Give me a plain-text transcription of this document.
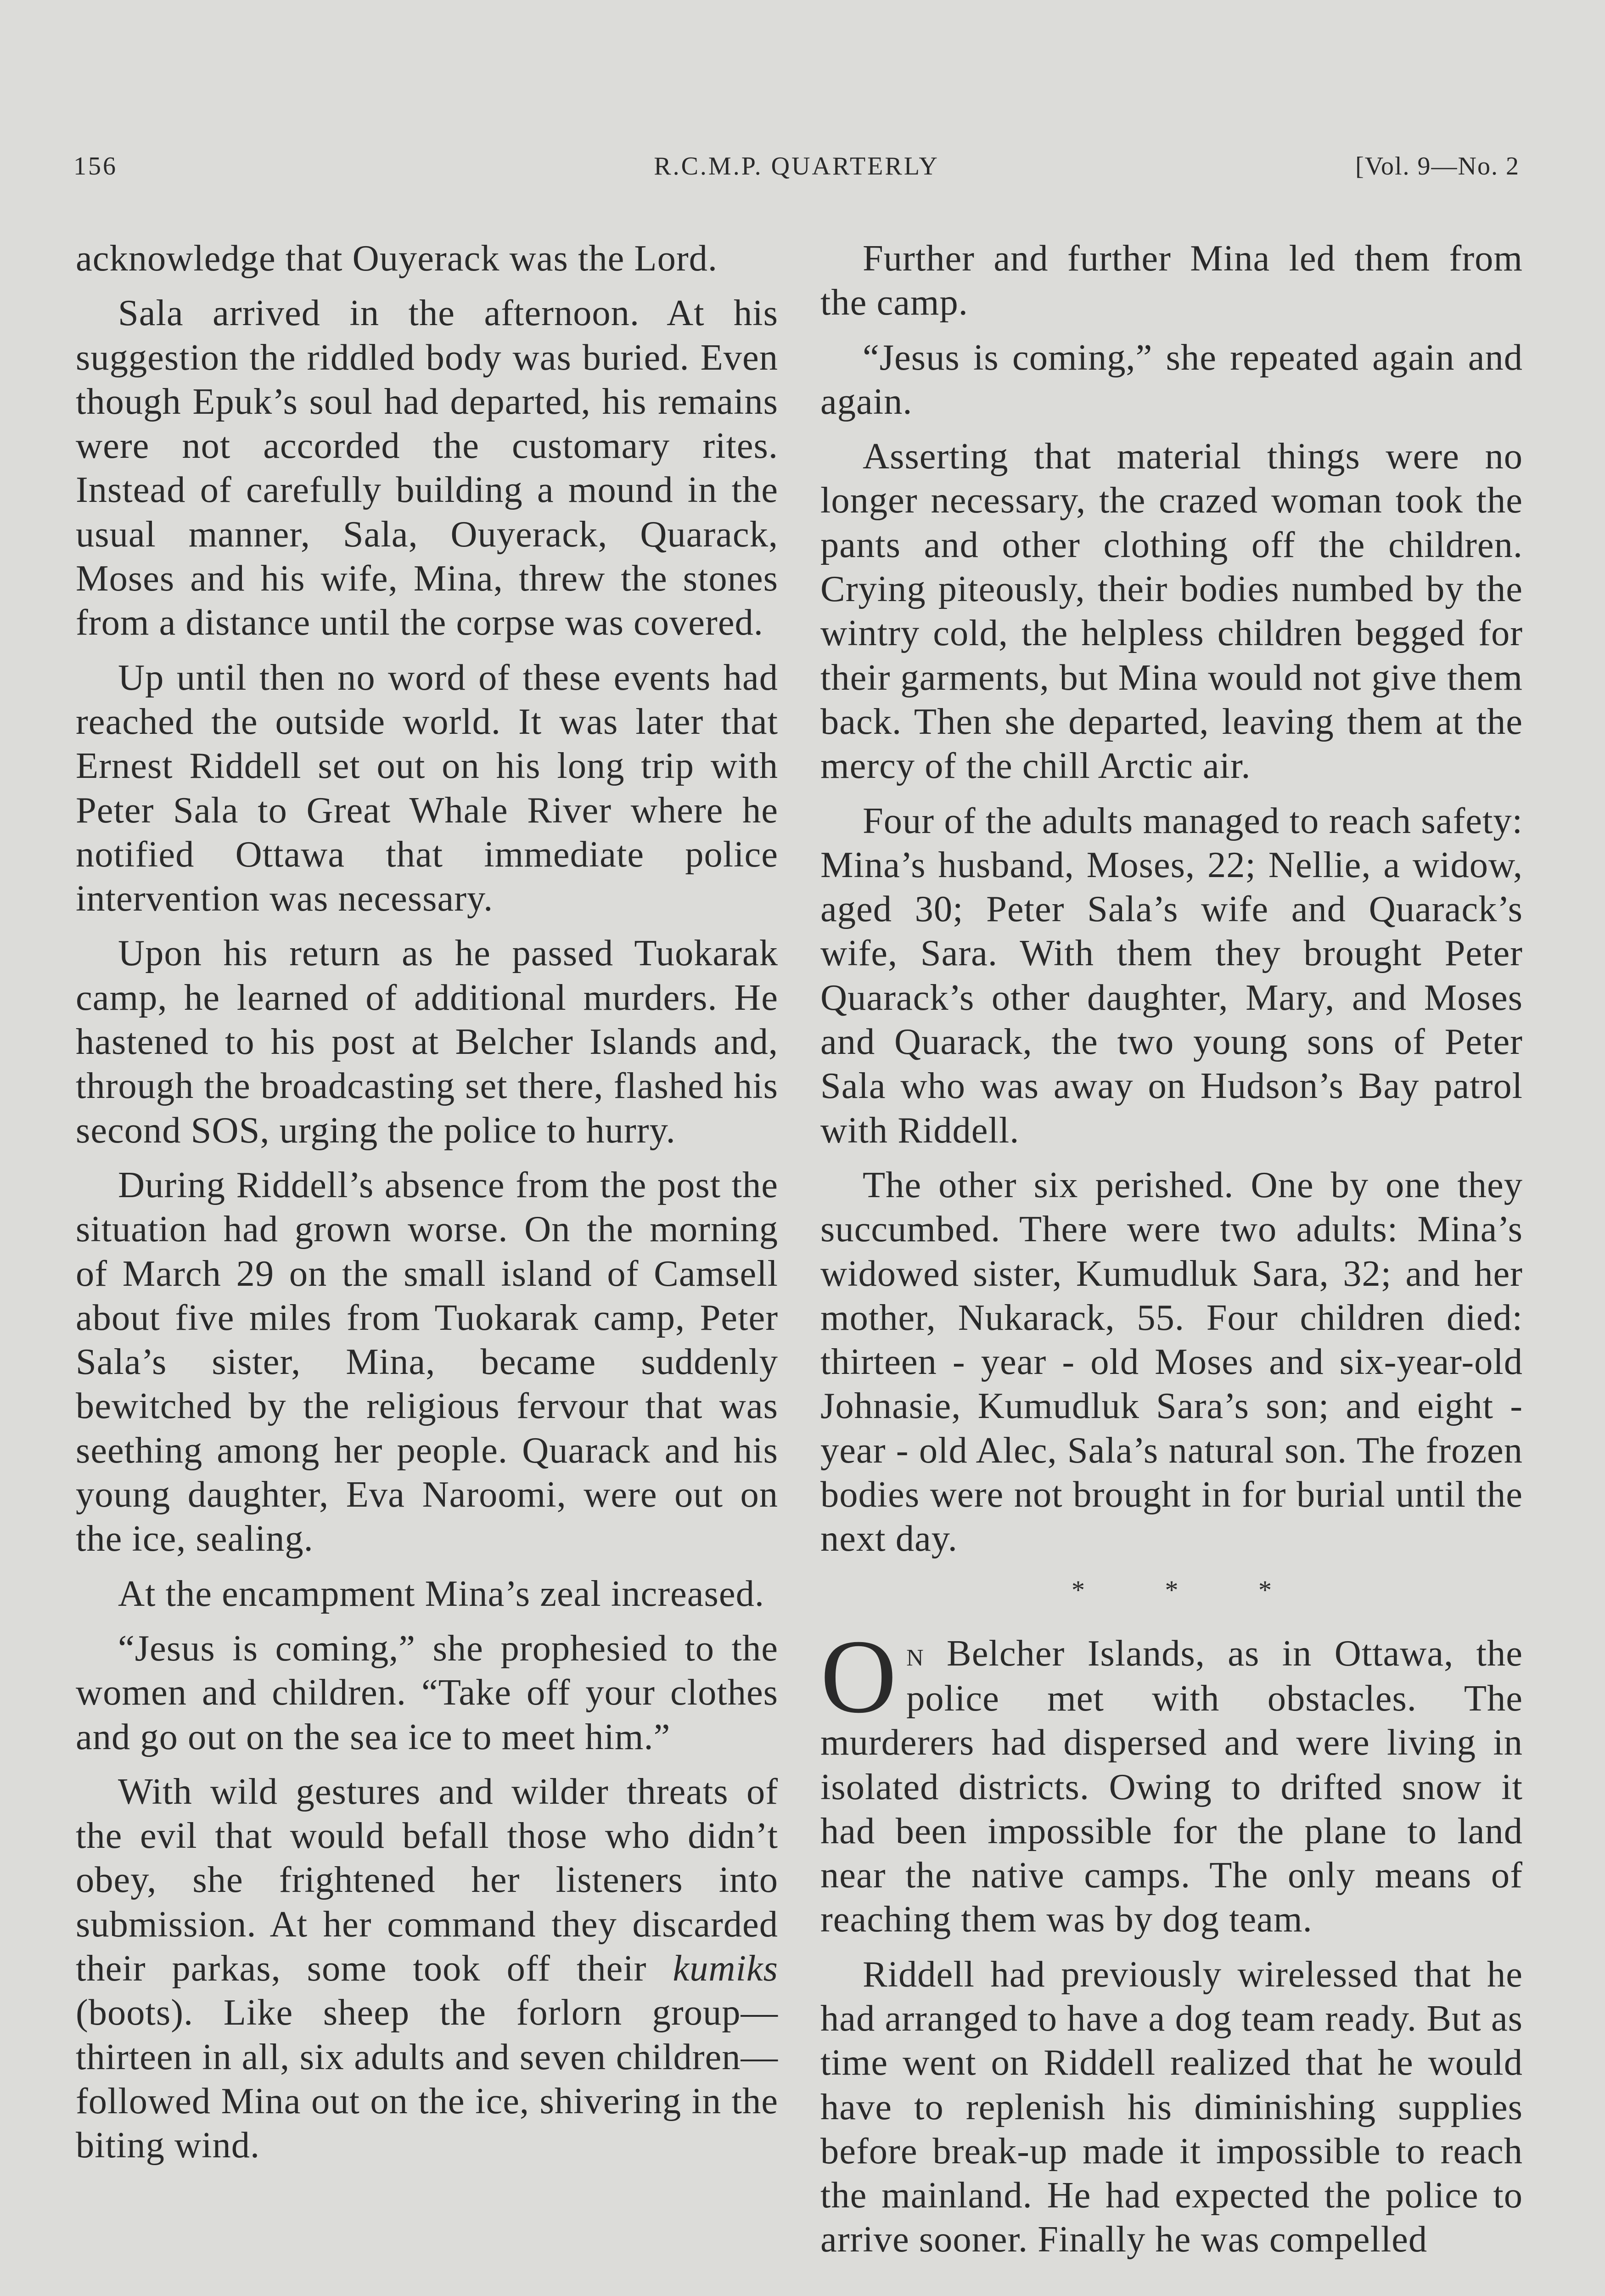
156	R.C.M.P. QUARTERLY	[Vol. 9—No. 2

acknowledge that Ouyerack was the Lord.

Sala arrived in the afternoon. At his suggestion the riddled body was buried. Even though Epuk’s soul had departed, his remains were not accorded the customary rites. Instead of carefully building a mound in the usual manner, Sala, Ouyerack, Quarack, Moses and his wife, Mina, threw the stones from a distance until the corpse was covered.

Up until then no word of these events had reached the outside world. It was later that Ernest Riddell set out on his long trip with Peter Sala to Great Whale River where he notified Ottawa that immediate police intervention was necessary.

Upon his return as he passed Tuokarak camp, he learned of additional murders. He hastened to his post at Belcher Islands and, through the broadcasting set there, flashed his second SOS, urging the police to hurry.

During Riddell’s absence from the post the situation had grown worse. On the morning of March 29 on the small island of Camsell about five miles from Tuokarak camp, Peter Sala’s sister, Mina, became suddenly bewitched by the religious fervour that was seething among her people. Quarack and his young daughter, Eva Naroomi, were out on the ice, sealing.

At the encampment Mina’s zeal increased.

“Jesus is coming,” she prophesied to the women and children. “Take off your clothes and go out on the sea ice to meet him.”

With wild gestures and wilder threats of the evil that would befall those who didn’t obey, she frightened her listeners into submission. At her command they discarded their parkas, some took off their kumiks (boots). Like sheep the forlorn group—thirteen in all, six adults and seven children—followed Mina out on the ice, shivering in the biting wind.

Further and further Mina led them from the camp.

“Jesus is coming,” she repeated again and again.

Asserting that material things were no longer necessary, the crazed woman took the pants and other clothing off the children. Crying piteously, their bodies numbed by the wintry cold, the helpless children begged for their garments, but Mina would not give them back. Then she departed, leaving them at the mercy of the chill Arctic air.

Four of the adults managed to reach safety: Mina’s husband, Moses, 22; Nellie, a widow, aged 30; Peter Sala’s wife and Quarack’s wife, Sara. With them they brought Peter Quarack’s other daughter, Mary, and Moses and Quarack, the two young sons of Peter Sala who was away on Hudson’s Bay patrol with Riddell.

The other six perished. One by one they succumbed. There were two adults: Mina’s widowed sister, Kumudluk Sara, 32; and her mother, Nukarack, 55. Four children died: thirteen - year - old Moses and six-year-old Johnasie, Kumudluk Sara’s son; and eight - year - old Alec, Sala’s natural son. The frozen bodies were not brought in for burial until the next day.

* * *

On Belcher Islands, as in Ottawa, the police met with obstacles. The murderers had dispersed and were living in isolated districts. Owing to drifted snow it had been impossible for the plane to land near the native camps. The only means of reaching them was by dog team.

Riddell had previously wirelessed that he had arranged to have a dog team ready. But as time went on Riddell realized that he would have to replenish his diminishing supplies before break-up made it impossible to reach the mainland. He had expected the police to arrive sooner. Finally he was compelled
